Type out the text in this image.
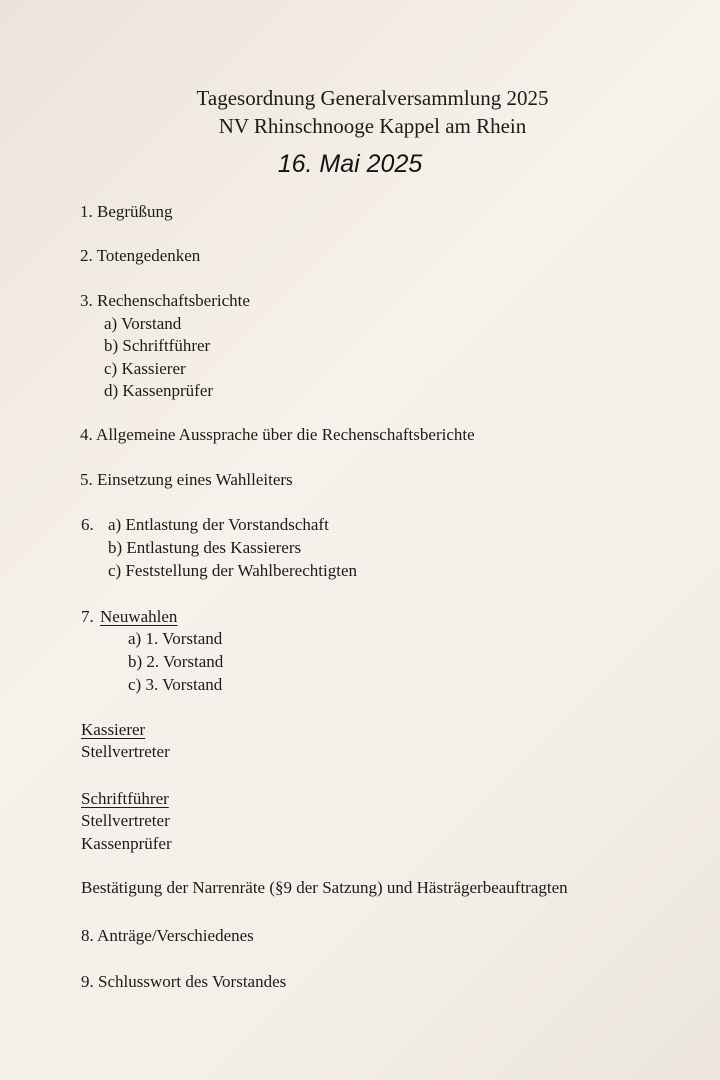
Tagesordnung Generalversammlung 2025
NV Rhinschnooge Kappel am Rhein
16. Mai 2025
1. Begrüßung
2. Totengedenken
3. Rechenschaftsberichte
a) Vorstand
b) Schriftführer
c) Kassierer
d) Kassenprüfer
4. Allgemeine Aussprache über die Rechenschaftsberichte
5. Einsetzung eines Wahlleiters
6. a) Entlastung der Vorstandschaft
b) Entlastung des Kassierers
c) Feststellung der Wahlberechtigten
7. Neuwahlen
a) 1. Vorstand
b) 2. Vorstand
c) 3. Vorstand
Kassierer
Stellvertreter
Schriftführer
Stellvertreter
Kassenprüfer
Bestätigung der Narrenräte (§9 der Satzung) und Hästrägerbeauftragten
8. Anträge/Verschiedenes
9. Schlusswort des Vorstandes
